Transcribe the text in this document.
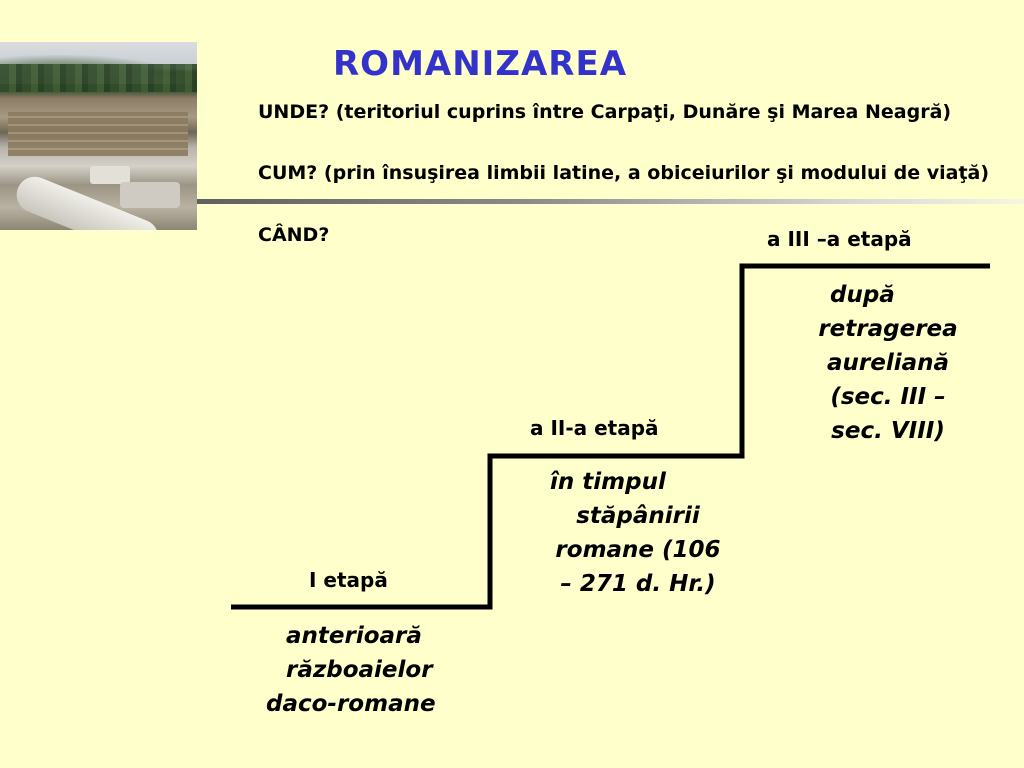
ROMANIZAREA
UNDE? (teritoriul cuprins între Carpaţi, Dunăre şi Marea Neagră)
CUM? (prin însuşirea limbii latine, a obiceiurilor şi modului de viaţă)
CÂND?
I etapă
a II-a etapă
a III –a etapă
anterioară
războaielor
daco-romane
în timpul
stăpânirii
romane (106
– 271 d. Hr.)
după
retragerea
aureliană
(sec. III –
sec. VIII)
